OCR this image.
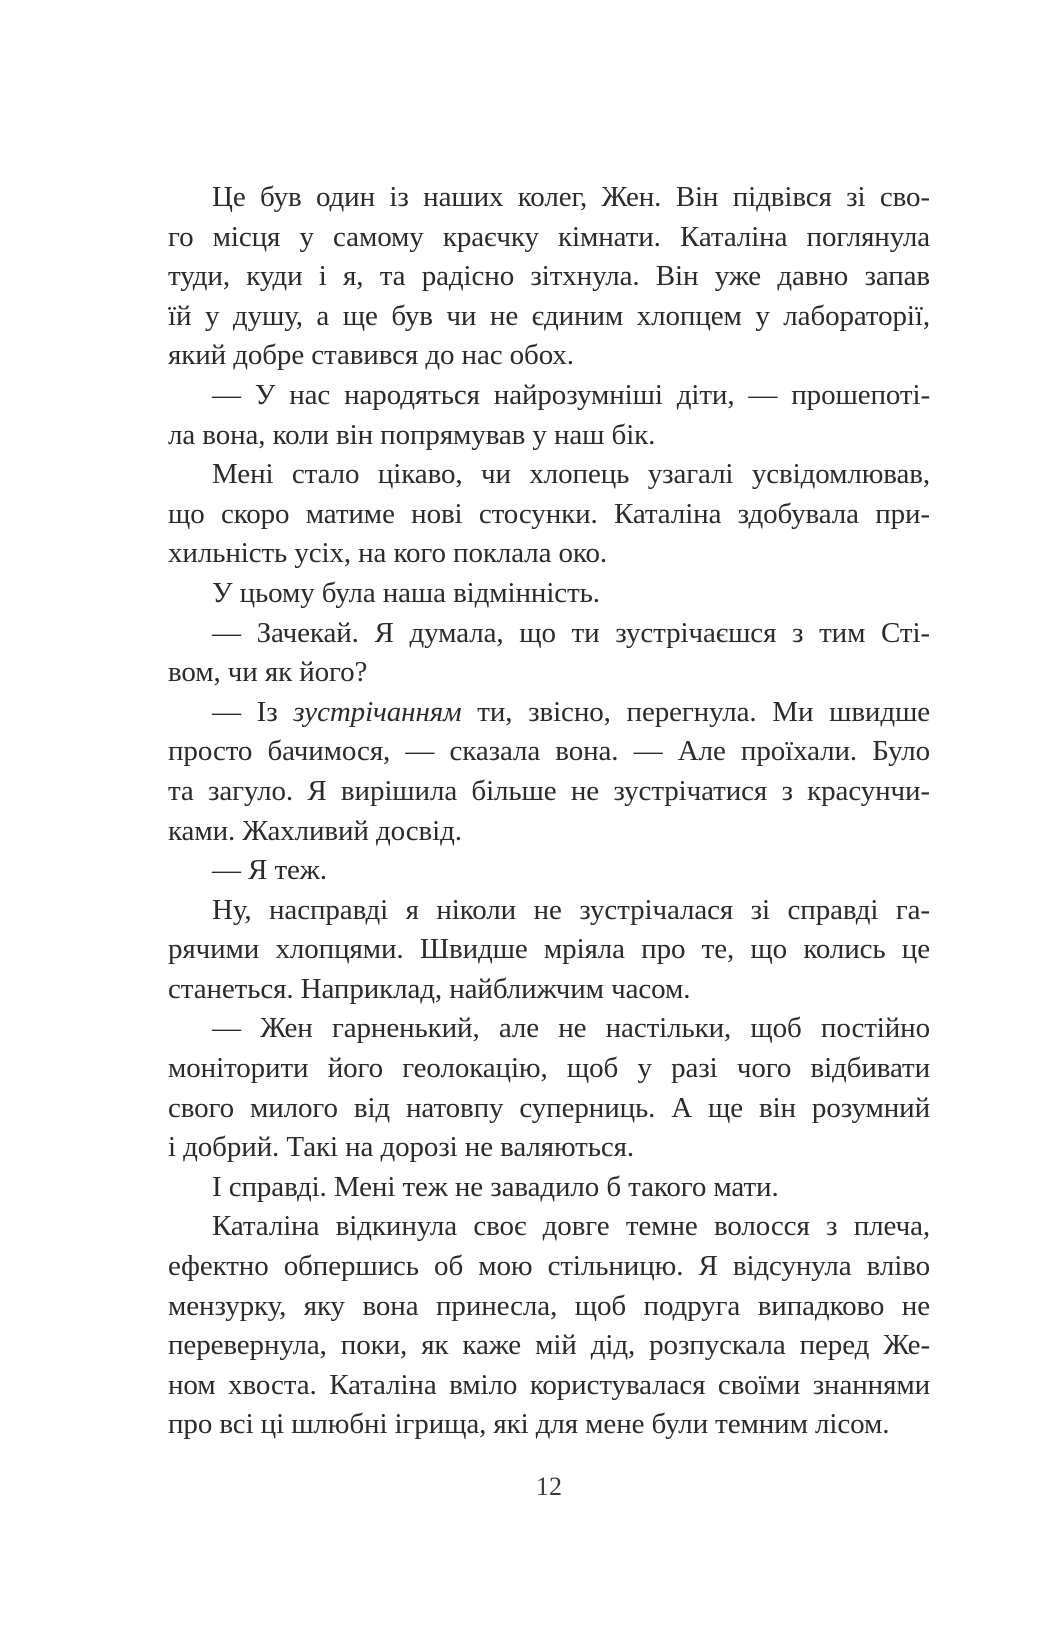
Це був один із наших колег, Жен. Він підвівся зі сво-
го місця у самому краєчку кімнати. Каталіна поглянула
туди, куди і я, та радісно зітхнула. Він уже давно запав
їй у душу, а ще був чи не єдиним хлопцем у лабораторії,
який добре ставився до нас обох.
— У нас народяться найрозумніші діти, — прошепоті-
ла вона, коли він попрямував у наш бік.
Мені стало цікаво, чи хлопець узагалі усвідомлював,
що скоро матиме нові стосунки. Каталіна здобувала при-
хильність усіх, на кого поклала око.
У цьому була наша відмінність.
— Зачекай. Я думала, що ти зустрічаєшся з тим Сті-
вом, чи як його?
— Із зустрічанням ти, звісно, перегнула. Ми швидше
просто бачимося, — сказала вона. — Але проїхали. Було
та загуло. Я вирішила більше не зустрічатися з красунчи-
ками. Жахливий досвід.
— Я теж.
Ну, насправді я ніколи не зустрічалася зі справді га-
рячими хлопцями. Швидше мріяла про те, що колись це
станеться. Наприклад, найближчим часом.
— Жен гарненький, але не настільки, щоб постійно
моніторити його геолокацію, щоб у разі чого відбивати
свого милого від натовпу суперниць. А ще він розумний
і добрий. Такі на дорозі не валяються.
І справді. Мені теж не завадило б такого мати.
Каталіна відкинула своє довге темне волосся з плеча,
ефектно обпершись об мою стільницю. Я відсунула вліво
мензурку, яку вона принесла, щоб подруга випадково не
перевернула, поки, як каже мій дід, розпускала перед Же-
ном хвоста. Каталіна вміло користувалася своїми знаннями
про всі ці шлюбні ігрища, які для мене були темним лісом.
12
